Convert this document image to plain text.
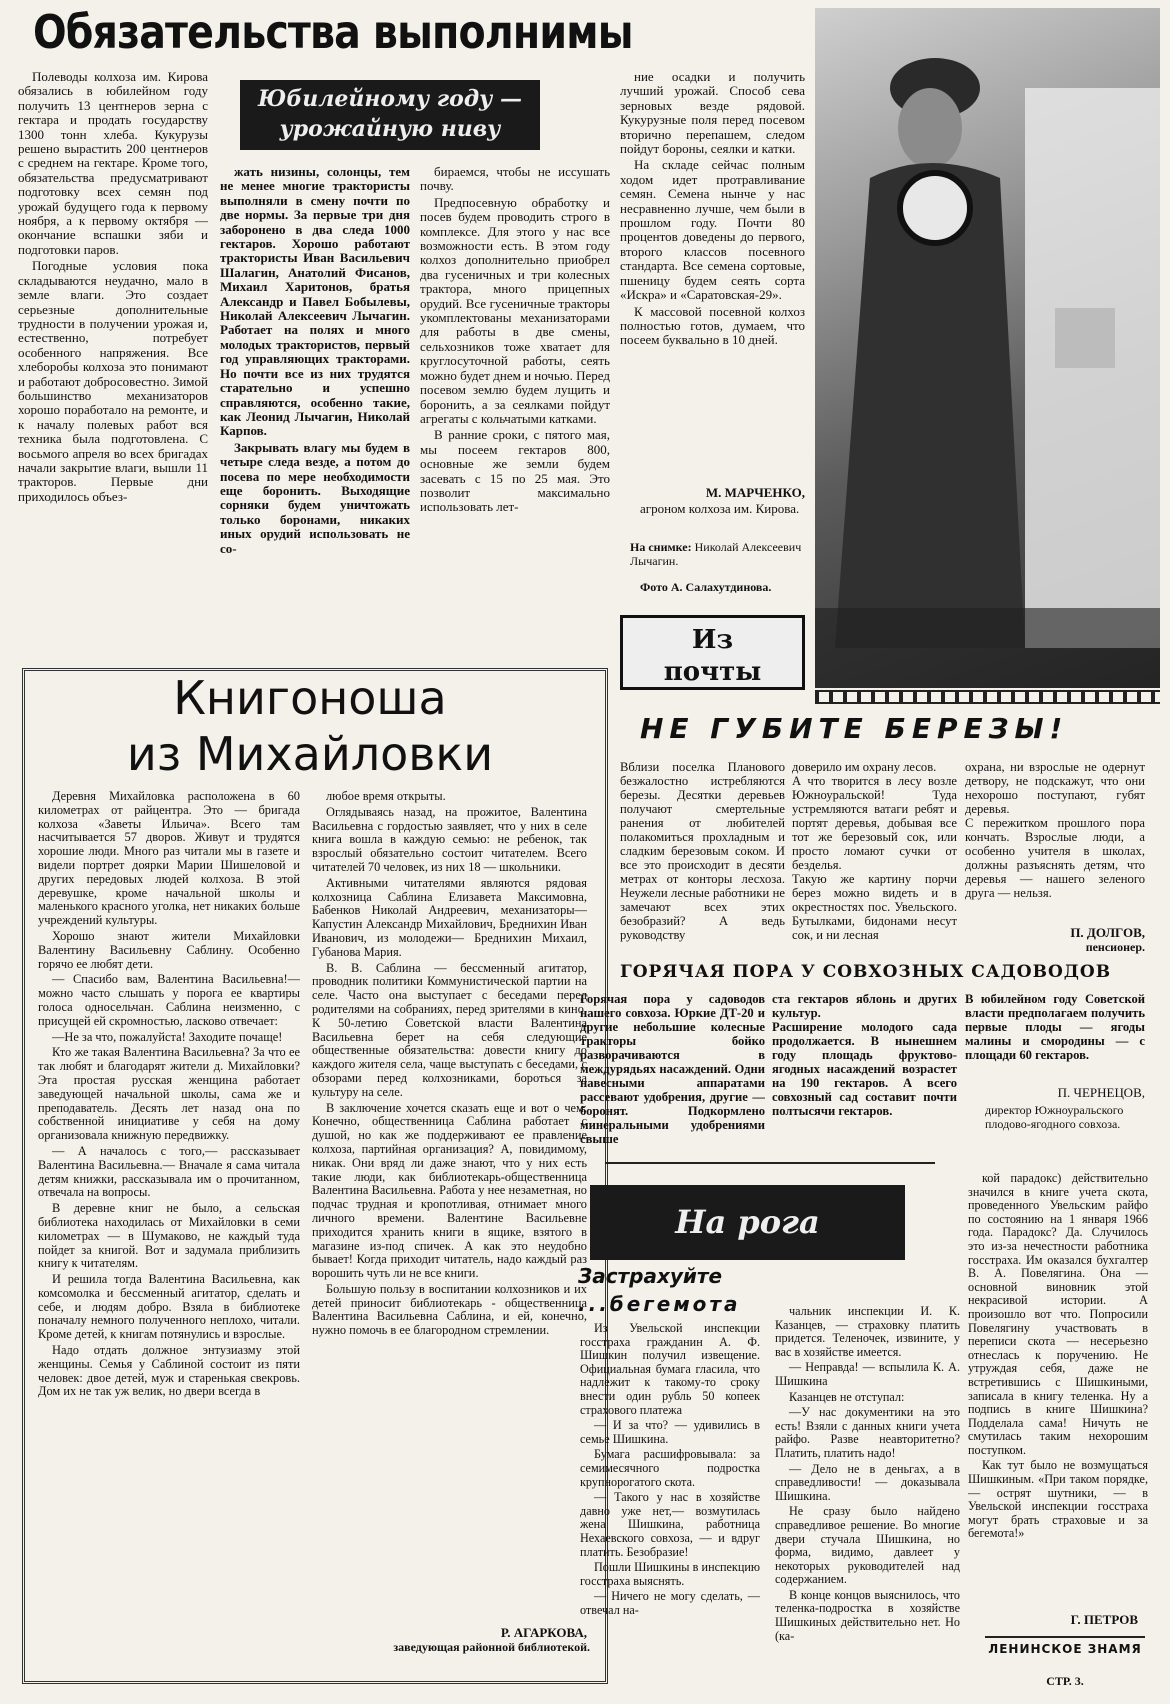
Обязательства выполнимы
Юбилейному году — урожайную ниву

Полеводы колхоза им. Кирова обязались в юбилейном году получить 13 центнеров зерна с гектара и продать государству 1300 тонн хлеба. Кукурузы решено вырастить 200 центнеров с среднем на гектаре. Кроме того, обязательства предусматривают подготовку всех семян под урожай будущего года к первому ноября, а к первому октября — окончание вспашки зяби и подготовки паров.

Погодные условия пока складываются неудачно, мало в земле влаги. Это создает серьезные дополнительные трудности в получении урожая и, естественно, потребует особенного напряжения. Все хлеборобы колхоза это понимают и работают добросовестно. Зимой большинство механизаторов хорошо поработало на ремонте, и к началу полевых работ вся техника была подготовлена. С восьмого апреля во всех бригадах начали закрытие влаги, вышли 11 тракторов. Первые дни приходилось объез-

жать низины, солонцы, тем не менее многие трактористы выполняли в смену почти по две нормы. За первые три дня заборонено в два следа 1000 гектаров. Хорошо работают трактористы Иван Васильевич Шалагин, Анатолий Фисанов, Михаил Харитонов, братья Александр и Павел Бобылевы, Николай Алексеевич Лычагин. Работает на полях и много молодых трактористов, первый год управляющих тракторами. Но почти все из них трудятся старательно и успешно справляются, особенно такие, как Леонид Лычагин, Николай Карпов.

Закрывать влагу мы будем в четыре следа везде, а потом до посева по мере необходимости еще боронить. Выходящие сорняки будем уничтожать только боронами, никаких иных орудий использовать не со-

бираемся, чтобы не иссушать почву.

Предпосевную обработку и посев будем проводить строго в комплексе. Для этого у нас все возможности есть. В этом году колхоз дополнительно приобрел два гусеничных и три колесных трактора, много прицепных орудий. Все гусеничные тракторы укомплектованы механизаторами для работы в две смены, сельхозников тоже хватает для круглосуточной работы, сеять можно будет днем и ночью. Перед посевом землю будем лущить и боронить, а за сеялками пойдут агрегаты с кольчатыми катками.

В ранние сроки, с пятого мая, мы посеем гектаров 800, основные же земли будем засевать с 15 по 25 мая. Это позволит максимально использовать лет-

ние осадки и получить лучший урожай. Способ сева зерновых везде рядовой. Кукурузные поля перед посевом вторично перепашем, следом пойдут бороны, сеялки и катки.

На складе сейчас полным ходом идет протравливание семян. Семена нынче у нас несравненно лучше, чем были в прошлом году. Почти 80 процентов доведены до первого, второго классов посевного стандарта. Все семена сортовые, пшеницу будем сеять сорта «Искра» и «Саратовская-29».

К массовой посевной колхоз полностью готов, думаем, что посеем буквально в 10 дней.

М. МАРЧЕНКО,
агроном колхоза им. Кирова.
На снимке: Николай Алексеевич Лычагин.
Фото А. Салахутдинова.
Книгоноша
из Михайловки

Деревня Михайловка расположена в 60 километрах от райцентра. Это — бригада колхоза «Заветы Ильича». Всего там насчитывается 57 дворов. Живут и трудятся хорошие люди. Много раз читали мы в газете и видели портрет доярки Марии Шишеловой и других передовых людей колхоза. В этой деревушке, кроме начальной школы и маленького красного уголка, нет никаких больше учреждений культуры.

Хорошо знают жители Михайловки Валентину Васильевну Саблину. Особенно горячо ее любят дети.

— Спасибо вам, Валентина Васильевна!— можно часто слышать у порога ее квартиры голоса односельчан. Саблина неизменно, с присущей ей скромностью, ласково отвечает:

—Не за что, пожалуйста! Заходите почаще!

Кто же такая Валентина Васильевна? За что ее так любят и благодарят жители д. Михайловки? Эта простая русская женщина работает заведующей начальной школы, сама же и преподаватель. Десять лет назад она по собственной инициативе у себя на дому организовала книжную передвижку.

— А началось с того,— рассказывает Валентина Васильевна.— Вначале я сама читала детям книжки, рассказывала им о прочитанном, отвечала на вопросы.

В деревне книг не было, а сельская библиотека находилась от Михайловки в семи километрах — в Шумаково, не каждый туда пойдет за книгой. Вот и задумала приблизить книгу к читателям.

И решила тогда Валентина Васильевна, как комсомолка и бессменный агитатор, сделать и себе, и людям добро. Взяла в библиотеке поначалу немного полученного неплохо, читали. Кроме детей, к книгам потянулись и взрослые.

Надо отдать должное энтузиазму этой женщины. Семья у Саблиной состоит из пяти человек: двое детей, муж и старенькая свекровь. Дом их не так уж велик, но двери всегда в

любое время открыты.

Оглядываясь назад, на прожитое, Валентина Васильевна с гордостью заявляет, что у них в селе книга вошла в каждую семью: не ребенок, так взрослый обязательно состоит читателем. Всего читателей 70 человек, из них 18 — школьники.

Активными читателями являются рядовая колхозница Саблина Елизавета Максимовна, Бабенков Николай Андреевич, механизаторы— Капустин Александр Михайлович, Бреднихин Иван Иванович, из молодежи— Бреднихин Михаил, Губанова Мария.

В. В. Саблина — бессменный агитатор, проводник политики Коммунистической партии на селе. Часто она выступает с беседами перед родителями на собраниях, перед зрителями в кино. К 50-летию Советской власти Валентина Васильевна берет на себя следующие общественные обязательства: довести книгу до каждого жителя села, чаще выступать с беседами, с обзорами перед колхозниками, бороться за культуру на селе.

В заключение хочется сказать еще и вот о чем. Конечно, общественница Саблина работает с душой, но как же поддерживают ее правление колхоза, партийная организация? А, повидимому, никак. Они вряд ли даже знают, что у них есть такие люди, как библиотекарь-общественница Валентина Васильевна. Работа у нее незаметная, но подчас трудная и кропотливая, отнимает много личного времени. Валентине Васильевне приходится хранить книги в ящике, взятого в магазине из-под спичек. А как это неудобно бывает! Когда приходит читатель, надо каждый раз ворошить чуть ли не все книги.

Большую пользу в воспитании колхозников и их детей приносит библиотекарь - общественница Валентина Васильевна Саблина, и ей, конечно, нужно помочь в ее благородном стремлении.

Р. АГАРКОВА,
заведующая районной библиотекой.
Из
почты
НЕ ГУБИТЕ БЕРЕЗЫ!
Вблизи поселка Планового безжалостно истребляются березы. Десятки деревьев получают смертельные ранения от любителей полакомиться прохладным и сладким березовым соком. И все это происходит в десяти метрах от конторы лесхоза. Неужели лесные работники не замечают всех этих безобразий? А ведь руководству
доверило им охрану лесов.
А что творится в лесу возле Южноуральской! Туда устремляются ватаги ребят и портят деревья, добывая все тот же березовый сок, или просто ломают сучки от безделья.
Такую же картину порчи берез можно видеть и в окрестностях пос. Увельского. Бутылками, бидонами несут сок, и ни лесная
охрана, ни взрослые не одернут детвору, не подскажут, что они нехорошо поступают, губят деревья.
С пережитком прошлого пора кончать. Взрослые люди, а особенно учителя в школах, должны разъяснять детям, что деревья — нашего зеленого друга — нельзя.
П. ДОЛГОВ,
пенсионер.
ГОРЯЧАЯ ПОРА У СОВХОЗНЫХ САДОВОДОВ
Горячая пора у садоводов нашего совхоза. Юркие ДТ-20 и другие небольшие колесные тракторы бойко разворачиваются в междурядьях насаждений. Одни навесными аппаратами рассевают удобрения, другие — боронят. Подкормлено минеральными удобрениями свыше
ста гектаров яблонь и других культур.
Расширение молодого сада продолжается. В нынешнем году площадь фруктово-ягодных насаждений возрастет на 190 гектаров. А всего совхозный сад составит почти полтысячи гектаров.
В юбилейном году Советской власти предполагаем получить первые плоды — ягоды малины и смородины — с площади 60 гектаров.
П. ЧЕРНЕЦОВ,
директор Южноуральского плодово-ягодного совхоза.
На рога
Застрахуйте
...бегемота

Из Увельской инспекции госстраха гражданин А. Ф. Шишкин получил извещение. Официальная бумага гласила, что надлежит к такому-то сроку внести один рубль 50 копеек страхового платежа

— И за что? — удивились в семье Шишкина.

Бумага расшифровывала: за семимесячного подростка крупнорогатого скота.

— Такого у нас в хозяйстве давно уже нет,— возмутилась жена Шишкина, работница Нехаевского совхоза, — и вдруг платить. Безобразие!

Пошли Шишкины в инспекцию госстраха выяснять.

— Ничего не могу сделать, — отвечал на-

чальник инспекции И. К. Казанцев, — страховку платить придется. Теленочек, извините, у вас в хозяйстве имеется.

— Неправда! — вспылила К. А. Шишкина

Казанцев не отступал:

—У нас документики на это есть! Взяли с данных книги учета райфо. Разве неавторитетно? Платить, платить надо!

— Дело не в деньгах, а в справедливости! — доказывала Шишкина.

Не сразу было найдено справедливое решение. Во многие двери стучала Шишкина, но форма, видимо, давлеет у некоторых руководителей над содержанием.

В конце концов выяснилось, что теленка-подростка в хозяйстве Шишкиных действительно нет. Но (ка-

кой парадокс) действительно значился в книге учета скота, проведенного Увельским райфо по состоянию на 1 января 1966 года. Парадокс? Да. Случилось это из-за нечестности работника госстраха. Им оказался бухгалтер В. А. Повелягина. Она — основной виновник этой некрасивой истории. А произошло вот что. Попросили Повелягину участвовать в переписи скота — несерьезно отнеслась к поручению. Не утруждая себя, даже не встретившись с Шишкиными, записала в книгу теленка. Ну а подпись в книге Шишкина? Подделала сама! Ничуть не смутилась таким нехорошим поступком.

Как тут было не возмущаться Шишкиным. «При таком порядке, — острят шутники, — в Увельской инспекции госстраха могут брать страховые и за бегемота!»

Г. ПЕТРОВ
ЛЕНИНСКОЕ ЗНАМЯ
СТР. 3.
